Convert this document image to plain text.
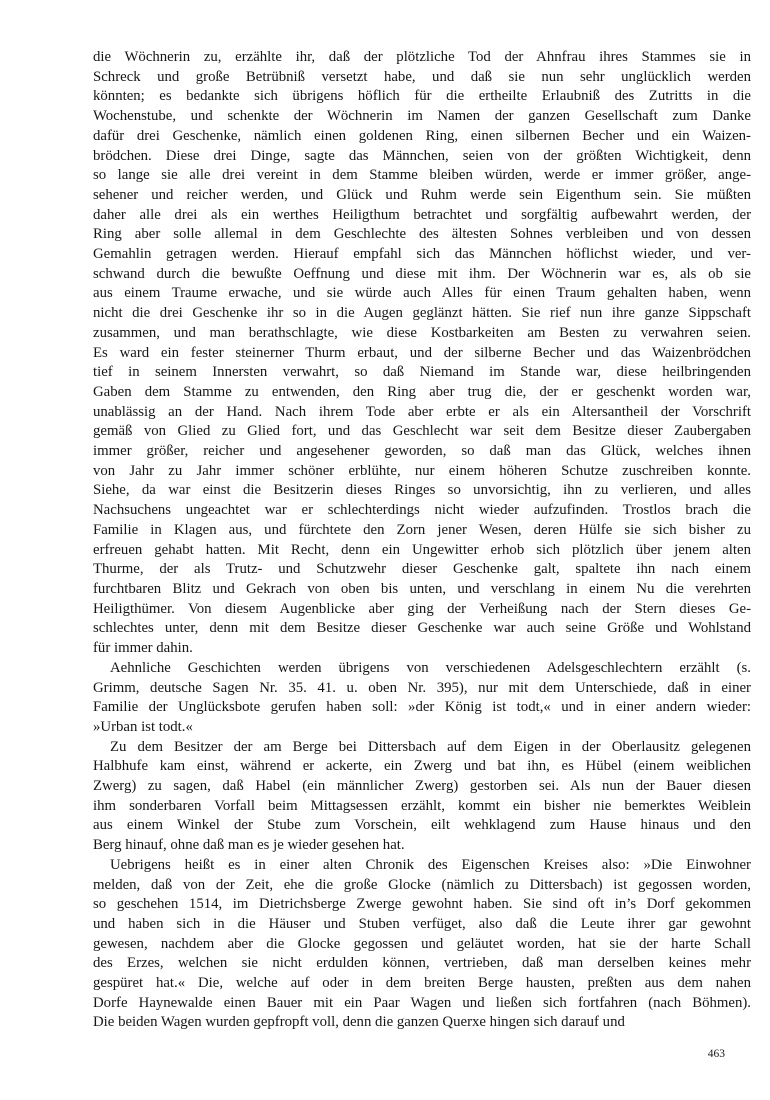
die Wöchnerin zu, erzählte ihr, daß der plötzliche Tod der Ahnfrau ihres Stammes sie in
Schreck und große Betrübniß versetzt habe, und daß sie nun sehr unglücklich werden
könnten; es bedankte sich übrigens höflich für die ertheilte Erlaubniß des Zutritts in die
Wochenstube, und schenkte der Wöchnerin im Namen der ganzen Gesellschaft zum Danke
dafür drei Geschenke, nämlich einen goldenen Ring, einen silbernen Becher und ein Waizen-
brödchen. Diese drei Dinge, sagte das Männchen, seien von der größten Wichtigkeit, denn
so lange sie alle drei vereint in dem Stamme bleiben würden, werde er immer größer, ange-
sehener und reicher werden, und Glück und Ruhm werde sein Eigenthum sein. Sie müßten
daher alle drei als ein werthes Heiligthum betrachtet und sorgfältig aufbewahrt werden, der
Ring aber solle allemal in dem Geschlechte des ältesten Sohnes verbleiben und von dessen
Gemahlin getragen werden. Hierauf empfahl sich das Männchen höflichst wieder, und ver-
schwand durch die bewußte Oeffnung und diese mit ihm. Der Wöchnerin war es, als ob sie
aus einem Traume erwache, und sie würde auch Alles für einen Traum gehalten haben, wenn
nicht die drei Geschenke ihr so in die Augen geglänzt hätten. Sie rief nun ihre ganze Sippschaft
zusammen, und man berathschlagte, wie diese Kostbarkeiten am Besten zu verwahren seien.
Es ward ein fester steinerner Thurm erbaut, und der silberne Becher und das Waizenbrödchen
tief in seinem Innersten verwahrt, so daß Niemand im Stande war, diese heilbringenden
Gaben dem Stamme zu entwenden, den Ring aber trug die, der er geschenkt worden war,
unablässig an der Hand. Nach ihrem Tode aber erbte er als ein Altersantheil der Vorschrift
gemäß von Glied zu Glied fort, und das Geschlecht war seit dem Besitze dieser Zaubergaben
immer größer, reicher und angesehener geworden, so daß man das Glück, welches ihnen
von Jahr zu Jahr immer schöner erblühte, nur einem höheren Schutze zuschreiben konnte.
Siehe, da war einst die Besitzerin dieses Ringes so unvorsichtig, ihn zu verlieren, und alles
Nachsuchens ungeachtet war er schlechterdings nicht wieder aufzufinden. Trostlos brach die
Familie in Klagen aus, und fürchtete den Zorn jener Wesen, deren Hülfe sie sich bisher zu
erfreuen gehabt hatten. Mit Recht, denn ein Ungewitter erhob sich plötzlich über jenem alten
Thurme, der als Trutz- und Schutzwehr dieser Geschenke galt, spaltete ihn nach einem
furchtbaren Blitz und Gekrach von oben bis unten, und verschlang in einem Nu die verehrten
Heiligthümer. Von diesem Augenblicke aber ging der Verheißung nach der Stern dieses Ge-
schlechtes unter, denn mit dem Besitze dieser Geschenke war auch seine Größe und Wohlstand
für immer dahin.

Aehnliche Geschichten werden übrigens von verschiedenen Adelsgeschlechtern erzählt (s.
Grimm, deutsche Sagen Nr. 35. 41. u. oben Nr. 395), nur mit dem Unterschiede, daß in einer
Familie der Unglücksbote gerufen haben soll: »der König ist todt,« und in einer andern wieder:
»Urban ist todt.«

Zu dem Besitzer der am Berge bei Dittersbach auf dem Eigen in der Oberlausitz gelegenen
Halbhufe kam einst, während er ackerte, ein Zwerg und bat ihn, es Hübel (einem weiblichen
Zwerg) zu sagen, daß Habel (ein männlicher Zwerg) gestorben sei. Als nun der Bauer diesen
ihm sonderbaren Vorfall beim Mittagsessen erzählt, kommt ein bisher nie bemerktes Weiblein
aus einem Winkel der Stube zum Vorschein, eilt wehklagend zum Hause hinaus und den
Berg hinauf, ohne daß man es je wieder gesehen hat.

Uebrigens heißt es in einer alten Chronik des Eigenschen Kreises also: »Die Einwohner
melden, daß von der Zeit, ehe die große Glocke (nämlich zu Dittersbach) ist gegossen worden,
so geschehen 1514, im Dietrichsberge Zwerge gewohnt haben. Sie sind oft in’s Dorf gekommen
und haben sich in die Häuser und Stuben verfüget, also daß die Leute ihrer gar gewohnt
gewesen, nachdem aber die Glocke gegossen und geläutet worden, hat sie der harte Schall
des Erzes, welchen sie nicht erdulden können, vertrieben, daß man derselben keines mehr
gespüret hat.« Die, welche auf oder in dem breiten Berge hausten, preßten aus dem nahen
Dorfe Haynewalde einen Bauer mit ein Paar Wagen und ließen sich fortfahren (nach Böhmen).
Die beiden Wagen wurden gepfropft voll, denn die ganzen Querxe hingen sich darauf und

463
